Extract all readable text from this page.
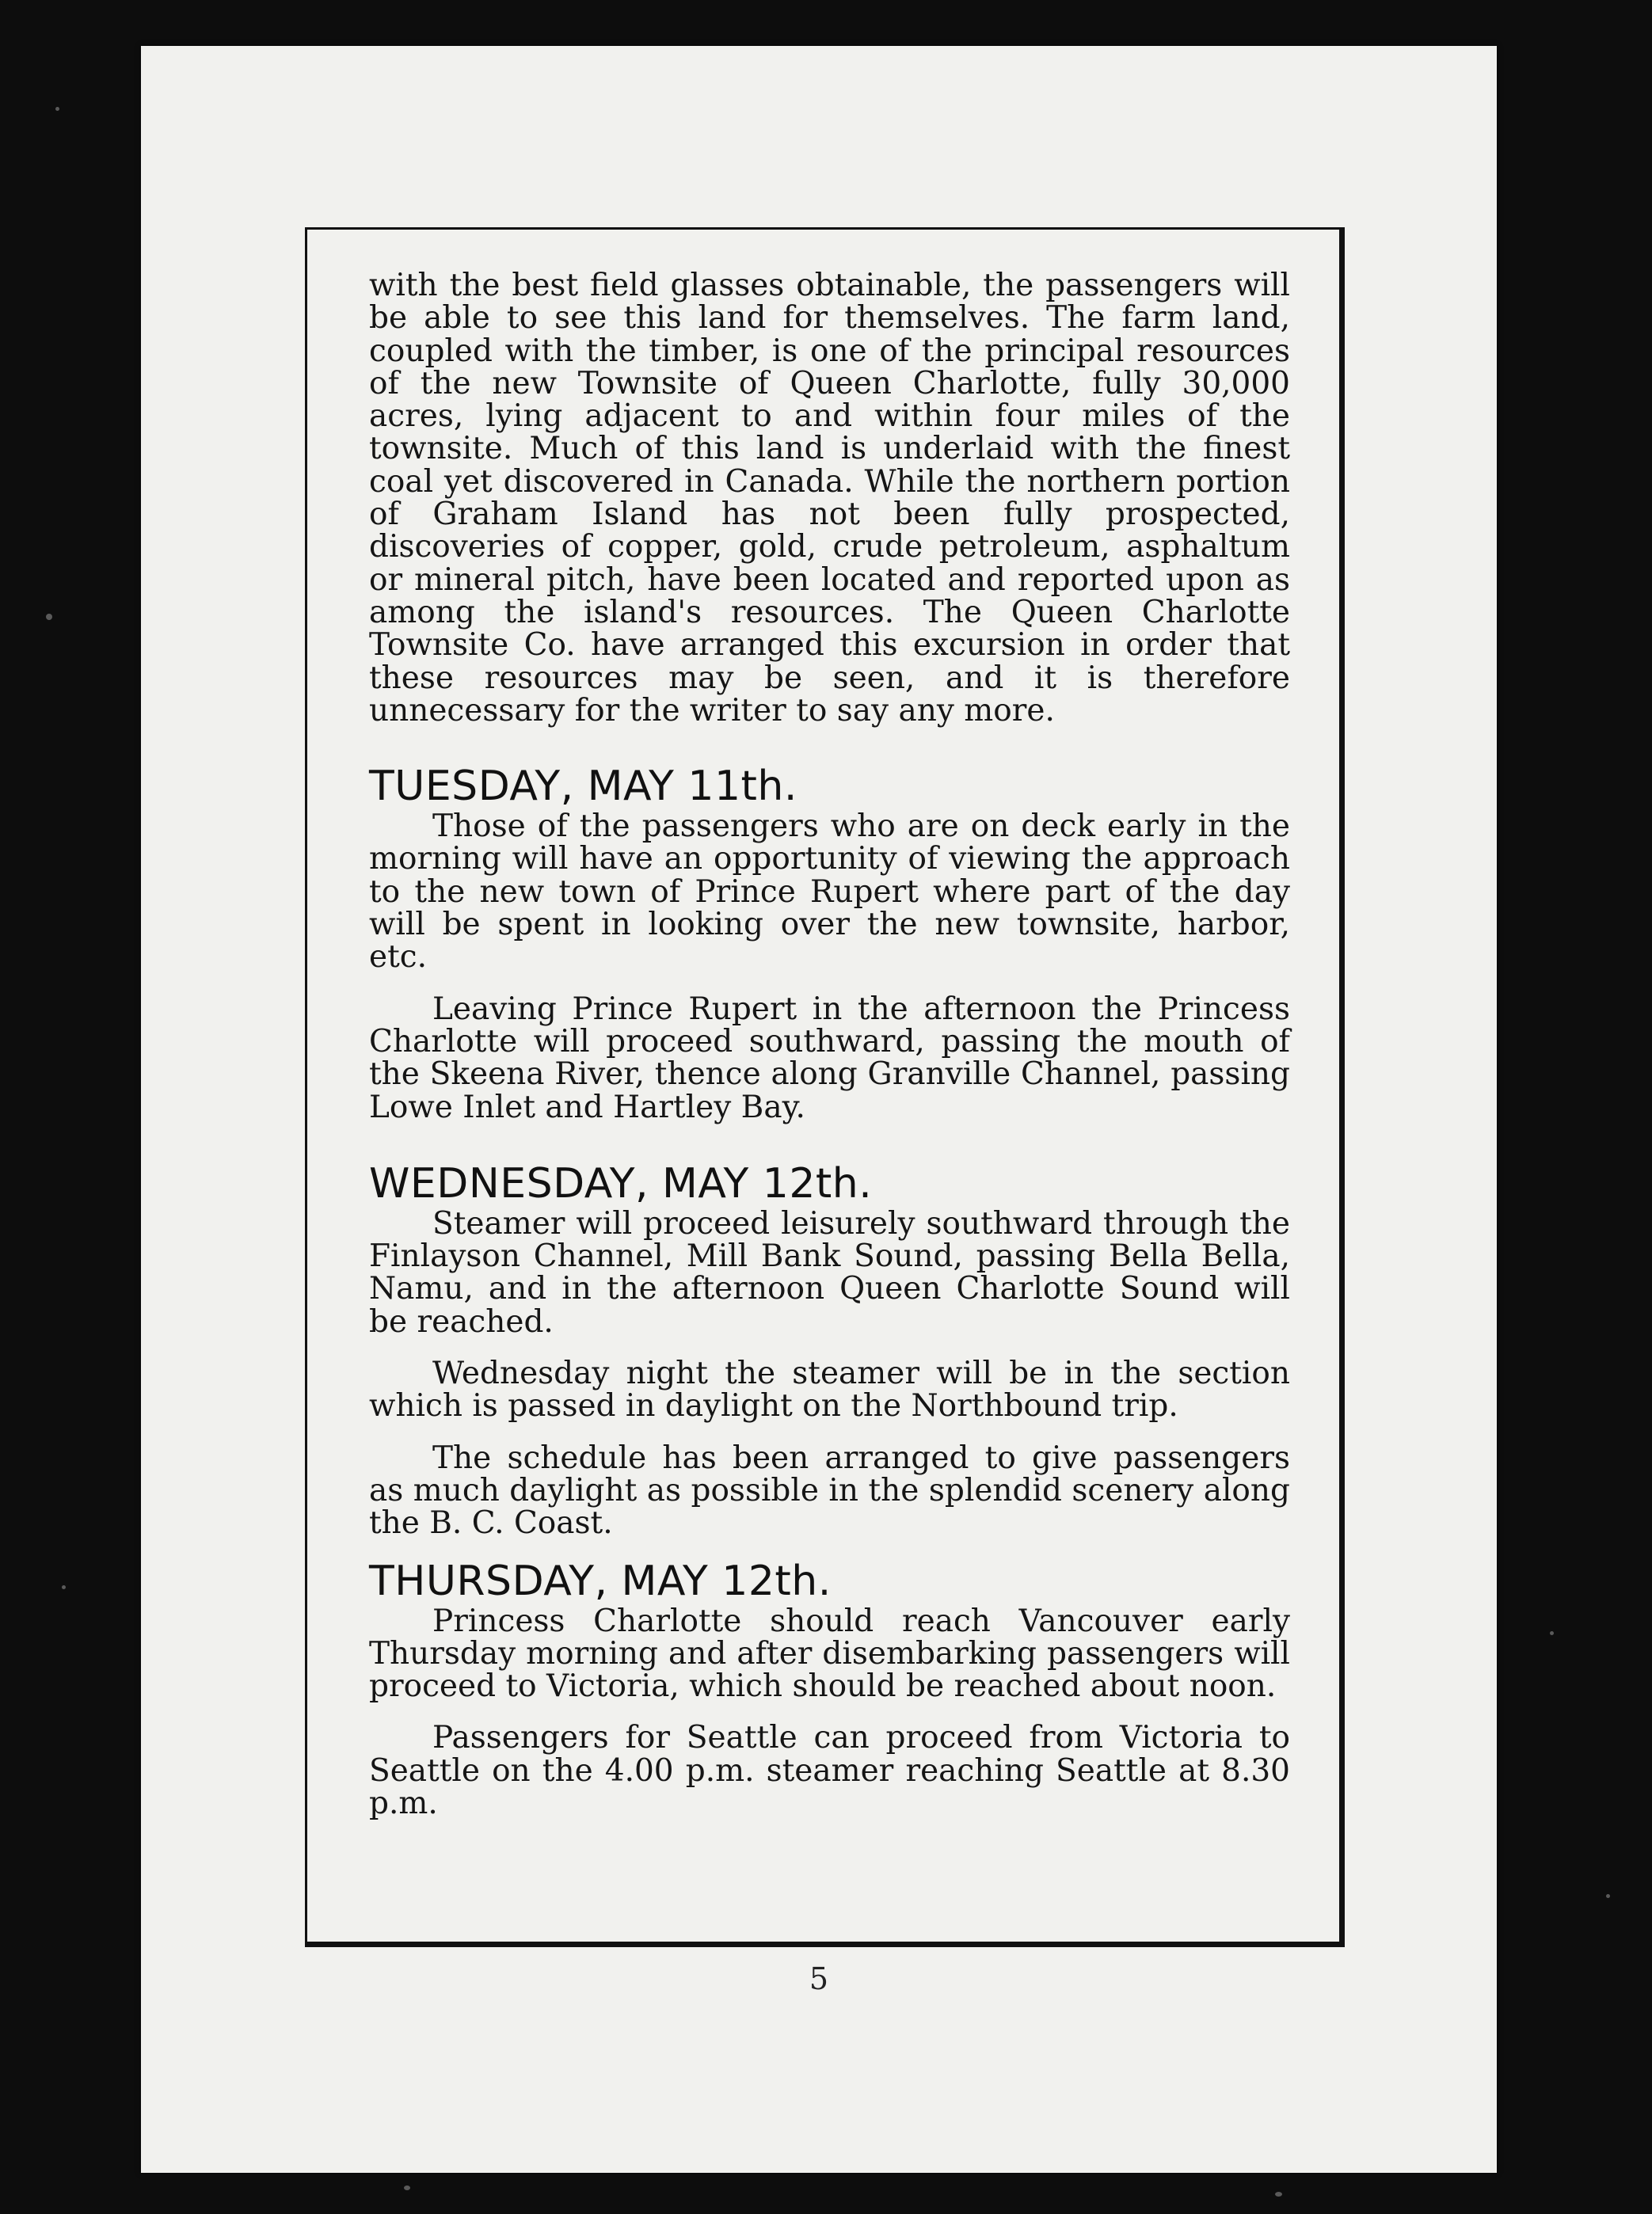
with the best field glasses obtainable, the passengers will be able to see this land for themselves. The farm land, coupled with the timber, is one of the principal resources of the new Townsite of Queen Charlotte, fully 30,000 acres, lying adjacent to and within four miles of the townsite. Much of this land is underlaid with the finest coal yet discovered in Canada. While the northern portion of Graham Island has not been fully prospected, discoveries of copper, gold, crude petroleum, asphaltum or mineral pitch, have been located and reported upon as among the island's resources. The Queen Charlotte Townsite Co. have arranged this excursion in order that these resources may be seen, and it is therefore unnecessary for the writer to say any more.

TUESDAY, MAY 11th.

Those of the passengers who are on deck early in the morning will have an opportunity of viewing the approach to the new town of Prince Rupert where part of the day will be spent in looking over the new townsite, harbor, etc.

Leaving Prince Rupert in the afternoon the Princess Charlotte will proceed southward, passing the mouth of the Skeena River, thence along Granville Channel, passing Lowe Inlet and Hartley Bay.

WEDNESDAY, MAY 12th.

Steamer will proceed leisurely southward through the Finlayson Channel, Mill Bank Sound, passing Bella Bella, Namu, and in the afternoon Queen Charlotte Sound will be reached.

Wednesday night the steamer will be in the section which is passed in daylight on the Northbound trip.

The schedule has been arranged to give passengers as much daylight as possible in the splendid scenery along the B. C. Coast.

THURSDAY, MAY 12th.

Princess Charlotte should reach Vancouver early Thursday morning and after disembarking passengers will proceed to Victoria, which should be reached about noon.

Passengers for Seattle can proceed from Victoria to Seattle on the 4.00 p.m. steamer reaching Seattle at 8.30 p.m.

5
